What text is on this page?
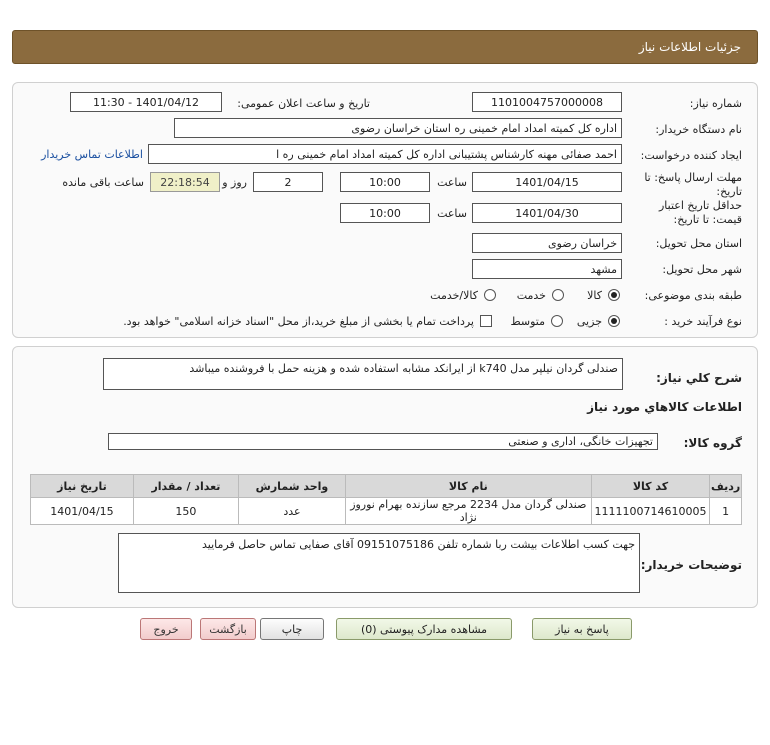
جزئیات اطلاعات نیاز
شماره نیاز:
1101004757000008
تاریخ و ساعت اعلان عمومی:
1401/04/12 - 11:30
نام دستگاه خریدار:
اداره کل کمیته امداد امام خمینی ره استان خراسان رضوی
ایجاد کننده درخواست:
احمد صفائی مهنه کارشناس پشتیبانی اداره کل کمیته امداد امام خمینی ره ا
اطلاعات تماس خریدار
مهلت ارسال پاسخ: تا تاریخ:
1401/04/15
ساعت
10:00
2
روز و
22:18:54
ساعت باقی مانده
حداقل تاریخ اعتبار قیمت: تا تاریخ:
1401/04/30
ساعت
10:00
استان محل تحویل:
خراسان رضوی
شهر محل تحویل:
مشهد
طبقه بندی موضوعی:
کالا
خدمت
کالا/خدمت
نوع فرآیند خرید :
جزیی
متوسط
پرداخت تمام یا بخشی از مبلغ خرید،از محل "اسناد خزانه اسلامی" خواهد بود.
شرح كلي نياز:
صندلی گردان نیلپر مدل k740 از ایرانکد مشابه استفاده شده و هزینه حمل با فروشنده میباشد
اطلاعات كالاهاي مورد نياز
گروه كالا:
تجهیزات خانگی، اداری و صنعتی
ردیف	کد کالا	نام کالا	واحد شمارش	تعداد / مقدار	تاریخ نیاز
1	1111100714610005	صندلی گردان مدل 2234 مرجع سازنده بهرام نوروز نژاد	عدد	150	1401/04/15
توضیحات خریدار:
جهت کسب اطلاعات بیشت ربا شماره تلفن 09151075186 آقای صفایی تماس حاصل فرمایید
پاسخ به نیاز
مشاهده مدارک پیوستی (0)
چاپ
بازگشت
خروج
